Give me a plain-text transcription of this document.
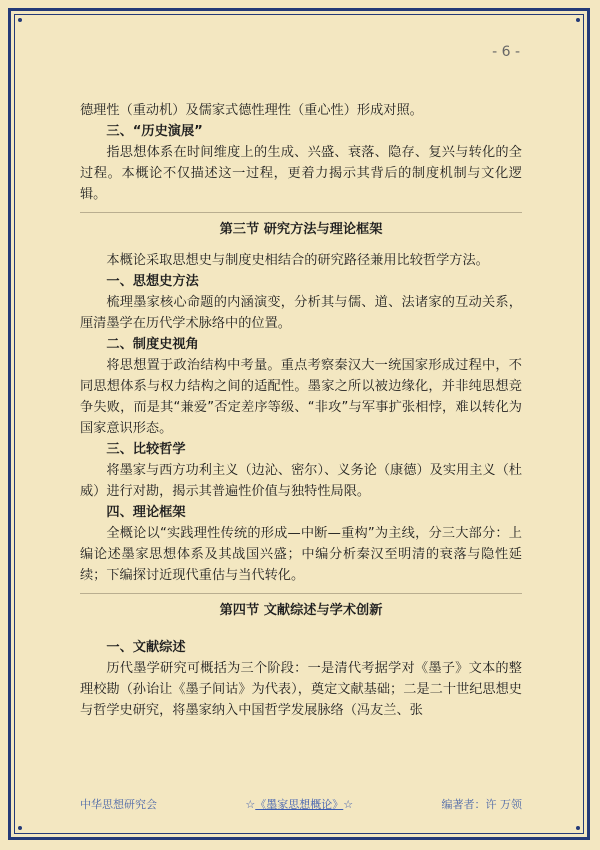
- 6 -

德理性（重动机）及儒家式德性理性（重心性）形成对照。

三、“历史演展”

指思想体系在时间维度上的生成、兴盛、衰落、隐存、复兴与转化的全过程。本概论不仅描述这一过程，更着力揭示其背后的制度机制与文化逻辑。

第三节 研究方法与理论框架

本概论采取思想史与制度史相结合的研究路径兼用比较哲学方法。

一、思想史方法

梳理墨家核心命题的内涵演变，分析其与儒、道、法诸家的互动关系，厘清墨学在历代学术脉络中的位置。

二、制度史视角

将思想置于政治结构中考量。重点考察秦汉大一统国家形成过程中，不同思想体系与权力结构之间的适配性。墨家之所以被边缘化，并非纯思想竞争失败，而是其“兼爱”否定差序等级、“非攻”与军事扩张相悖，难以转化为国家意识形态。

三、比较哲学

将墨家与西方功利主义（边沁、密尔）、义务论（康德）及实用主义（杜威）进行对勘，揭示其普遍性价值与独特性局限。

四、理论框架

全概论以“实践理性传统的形成—中断—重构”为主线，分三大部分：上编论述墨家思想体系及其战国兴盛；中编分析秦汉至明清的衰落与隐性延续；下编探讨近现代重估与当代转化。

第四节 文献综述与学术创新
一、文献综述

历代墨学研究可概括为三个阶段：一是清代考据学对《墨子》文本的整理校勘（孙诒让《墨子间诂》为代表），奠定文献基础；二是二十世纪思想史与哲学史研究，将墨家纳入中国哲学发展脉络（冯友兰、张

中华思想研究会	☆《墨家思想概论》☆	编著者：许 万领
